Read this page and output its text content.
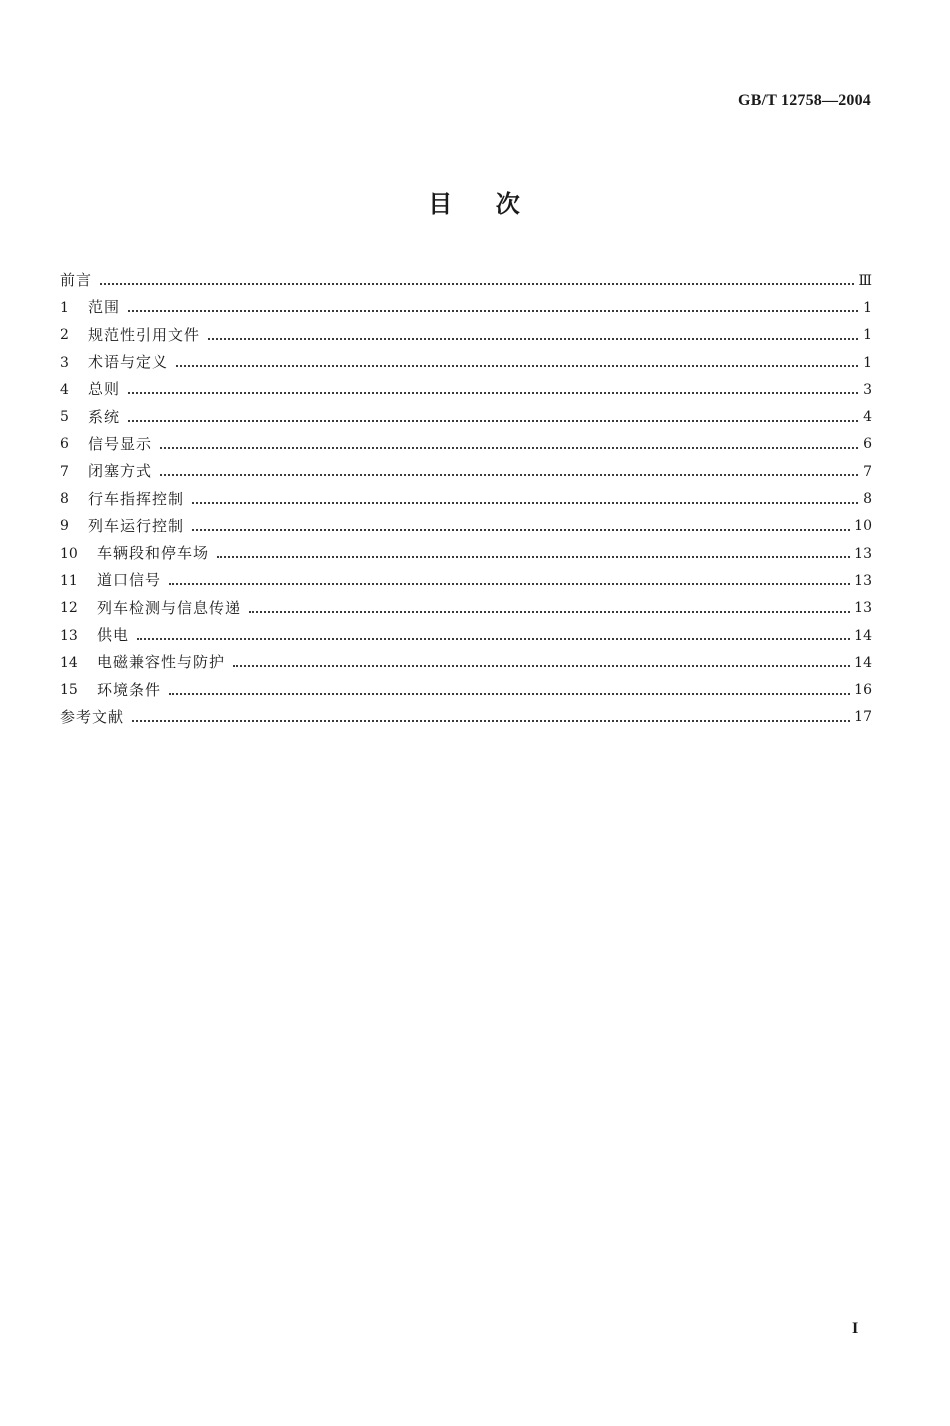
GB/T 12758—2004
目    次
前言	Ⅲ
1	范围	1
2	规范性引用文件	1
3	术语与定义	1
4	总则	3
5	系统	4
6	信号显示	6
7	闭塞方式	7
8	行车指挥控制	8
9	列车运行控制	10
10	车辆段和停车场	13
11	道口信号	13
12	列车检测与信息传递	13
13	供电	14
14	电磁兼容性与防护	14
15	环境条件	16
参考文献	17
I
